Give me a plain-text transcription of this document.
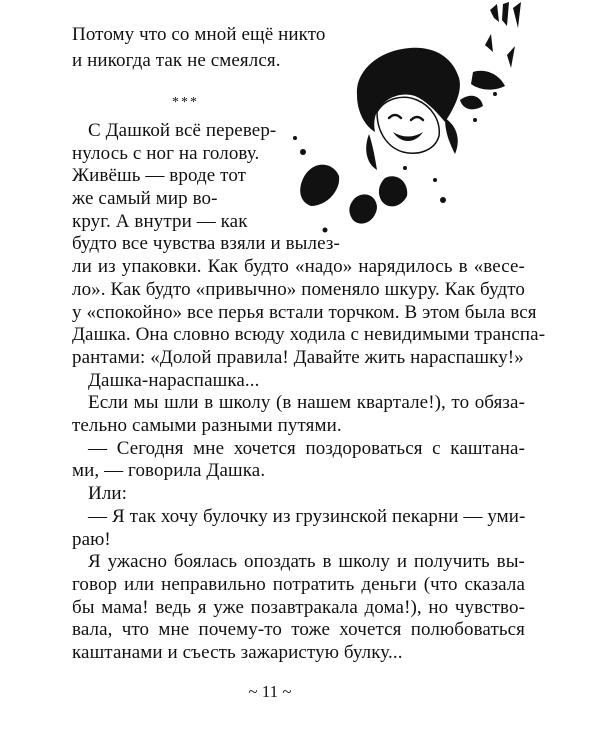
Потому что со мной ещё никто
и никогда так не смеялся.
***
С Дашкой всё перевер-
нулось с ног на голову.
Живёшь — вроде тот
же самый мир во-
круг. А внутри — как
будто все чувства взяли и вылез-
ли из упаковки. Как будто «надо» нарядилось в «весе-
ло». Как будто «привычно» поменяло шкуру. Как будто
у «спокойно» все перья встали торчком. В этом была вся
Дашка. Она словно всюду ходила с невидимыми транспа-
рантами: «Долой правила! Давайте жить нараспашку!»
Дашка-нараспашка...
Если мы шли в школу (в нашем квартале!), то обяза-
тельно самыми разными путями.
— Сегодня мне хочется поздороваться с каштана-
ми, — говорила Дашка.
Или:
— Я так хочу булочку из грузинской пекарни — уми-
раю!
Я ужасно боялась опоздать в школу и получить вы-
говор или неправильно потратить деньги (что сказала
бы мама! ведь я уже позавтракала дома!), но чувство-
вала, что мне почему-то тоже хочется полюбоваться
каштанами и съесть зажаристую булку...
~ 11 ~
